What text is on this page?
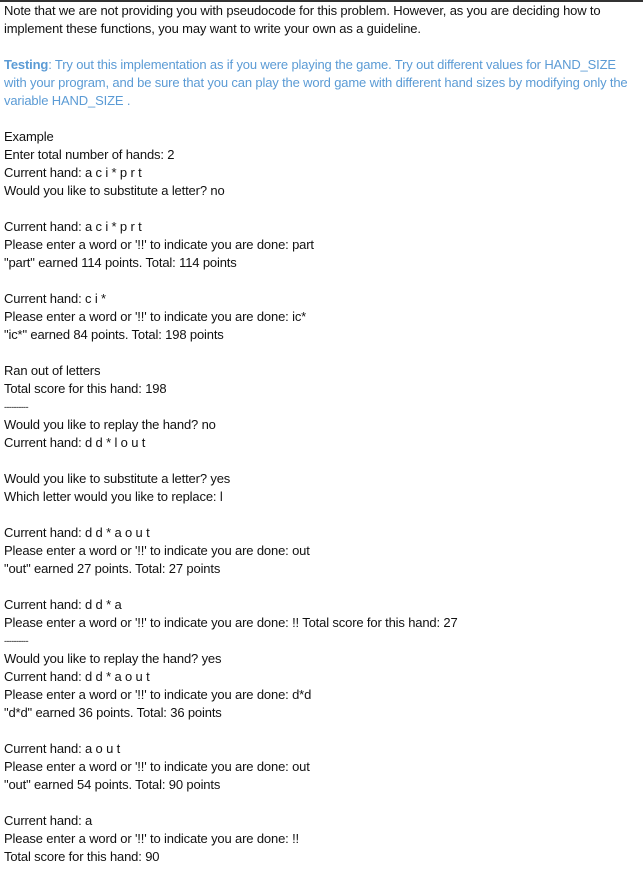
Note that we are not providing you with pseudocode for this problem. However, as you are deciding how to implement these functions, you may want to write your own as a guideline.

Testing: Try out this implementation as if you were playing the game. Try out different values for HAND_SIZE with your program, and be sure that you can play the word game with different hand sizes by modifying only the variable HAND_SIZE .

Example

Enter total number of hands: 2

Current hand: a c i * p r t

Would you like to substitute a letter? no

Current hand: a c i * p r t

Please enter a word or '!!' to indicate you are done: part

"part" earned 114 points. Total: 114 points

Current hand: c i *

Please enter a word or '!!' to indicate you are done: ic*

"ic*" earned 84 points. Total: 198 points

Ran out of letters

Total score for this hand: 198

----------

Would you like to replay the hand? no

Current hand: d d * l o u t

Would you like to substitute a letter? yes

Which letter would you like to replace: l

Current hand: d d * a o u t

Please enter a word or '!!' to indicate you are done: out

"out" earned 27 points. Total: 27 points

Current hand: d d * a

Please enter a word or '!!' to indicate you are done: !! Total score for this hand: 27

----------

Would you like to replay the hand? yes

Current hand: d d * a o u t

Please enter a word or '!!' to indicate you are done: d*d

"d*d" earned 36 points. Total: 36 points

Current hand: a o u t

Please enter a word or '!!' to indicate you are done: out

"out" earned 54 points. Total: 90 points

Current hand: a

Please enter a word or '!!' to indicate you are done: !!

Total score for this hand: 90
